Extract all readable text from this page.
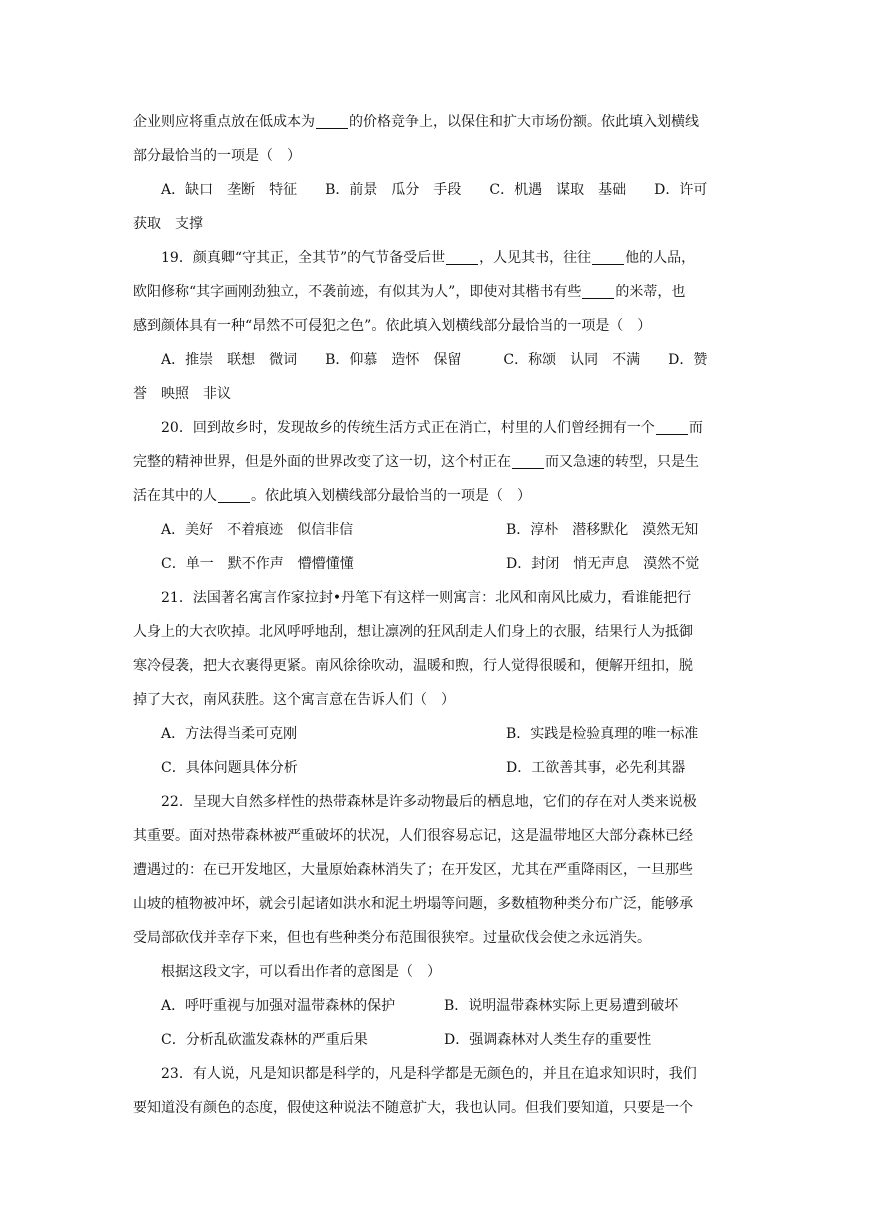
企业则应将重点放在低成本为 的价格竞争上，以保住和扩大市场份额。依此填入划横线
部分最恰当的一项是（　）
A．缺口　垄断　特征　　B．前景　瓜分　手段　　C．机遇　谋取　基础　　D．许可
获取　支撑
19．颜真卿“守其正，全其节”的气节备受后世 ，人见其书，往往 他的人品，
欧阳修称“其字画刚劲独立，不袭前迹，有似其为人”，即使对其楷书有些 的米蒂，也
感到颜体具有一种“昂然不可侵犯之色”。依此填入划横线部分最恰当的一项是（　）
A．推崇　联想　微词　　B．仰慕　造怀　保留　　　C．称颂　认同　不满　　D．赞
誉　映照　非议
20．回到故乡时，发现故乡的传统生活方式正在消亡，村里的人们曾经拥有一个 而
完整的精神世界，但是外面的世界改变了这一切，这个村正在 而又急速的转型，只是生
活在其中的人 。依此填入划横线部分最恰当的一项是（　）
A．美好　不着痕迹　似信非信	B．淳朴　潜移默化　漠然无知
C．单一　默不作声　懵懵懂懂	D．封闭　悄无声息　漠然不觉
21．法国著名寓言作家拉封•丹笔下有这样一则寓言：北风和南风比威力，看谁能把行
人身上的大衣吹掉。北风呼呼地刮，想让凛冽的狂风刮走人们身上的衣服，结果行人为抵御
寒冷侵袭，把大衣裹得更紧。南风徐徐吹动，温暖和煦，行人觉得很暖和，便解开纽扣，脱
掉了大衣，南风获胜。这个寓言意在告诉人们（　）
A．方法得当柔可克刚	B．实践是检验真理的唯一标准
C．具体问题具体分析	D．工欲善其事，必先利其器
22．呈现大自然多样性的热带森林是许多动物最后的栖息地，它们的存在对人类来说极
其重要。面对热带森林被严重破坏的状况，人们很容易忘记，这是温带地区大部分森林已经
遭遇过的：在已开发地区，大量原始森林消失了；在开发区，尤其在严重降雨区，一旦那些
山坡的植物被冲坏，就会引起诸如洪水和泥土坍塌等问题，多数植物种类分布广泛，能够承
受局部砍伐并幸存下来，但也有些种类分布范围很狭窄。过量砍伐会使之永远消失。
根据这段文字，可以看出作者的意图是（　）
A．呼吁重视与加强对温带森林的保护	B．说明温带森林实际上更易遭到破坏
C．分析乱砍滥发森林的严重后果	D．强调森林对人类生存的重要性
23．有人说，凡是知识都是科学的，凡是科学都是无颜色的，并且在追求知识时，我们
要知道没有颜色的态度，假使这种说法不随意扩大，我也认同。但我们要知道，只要是一个
